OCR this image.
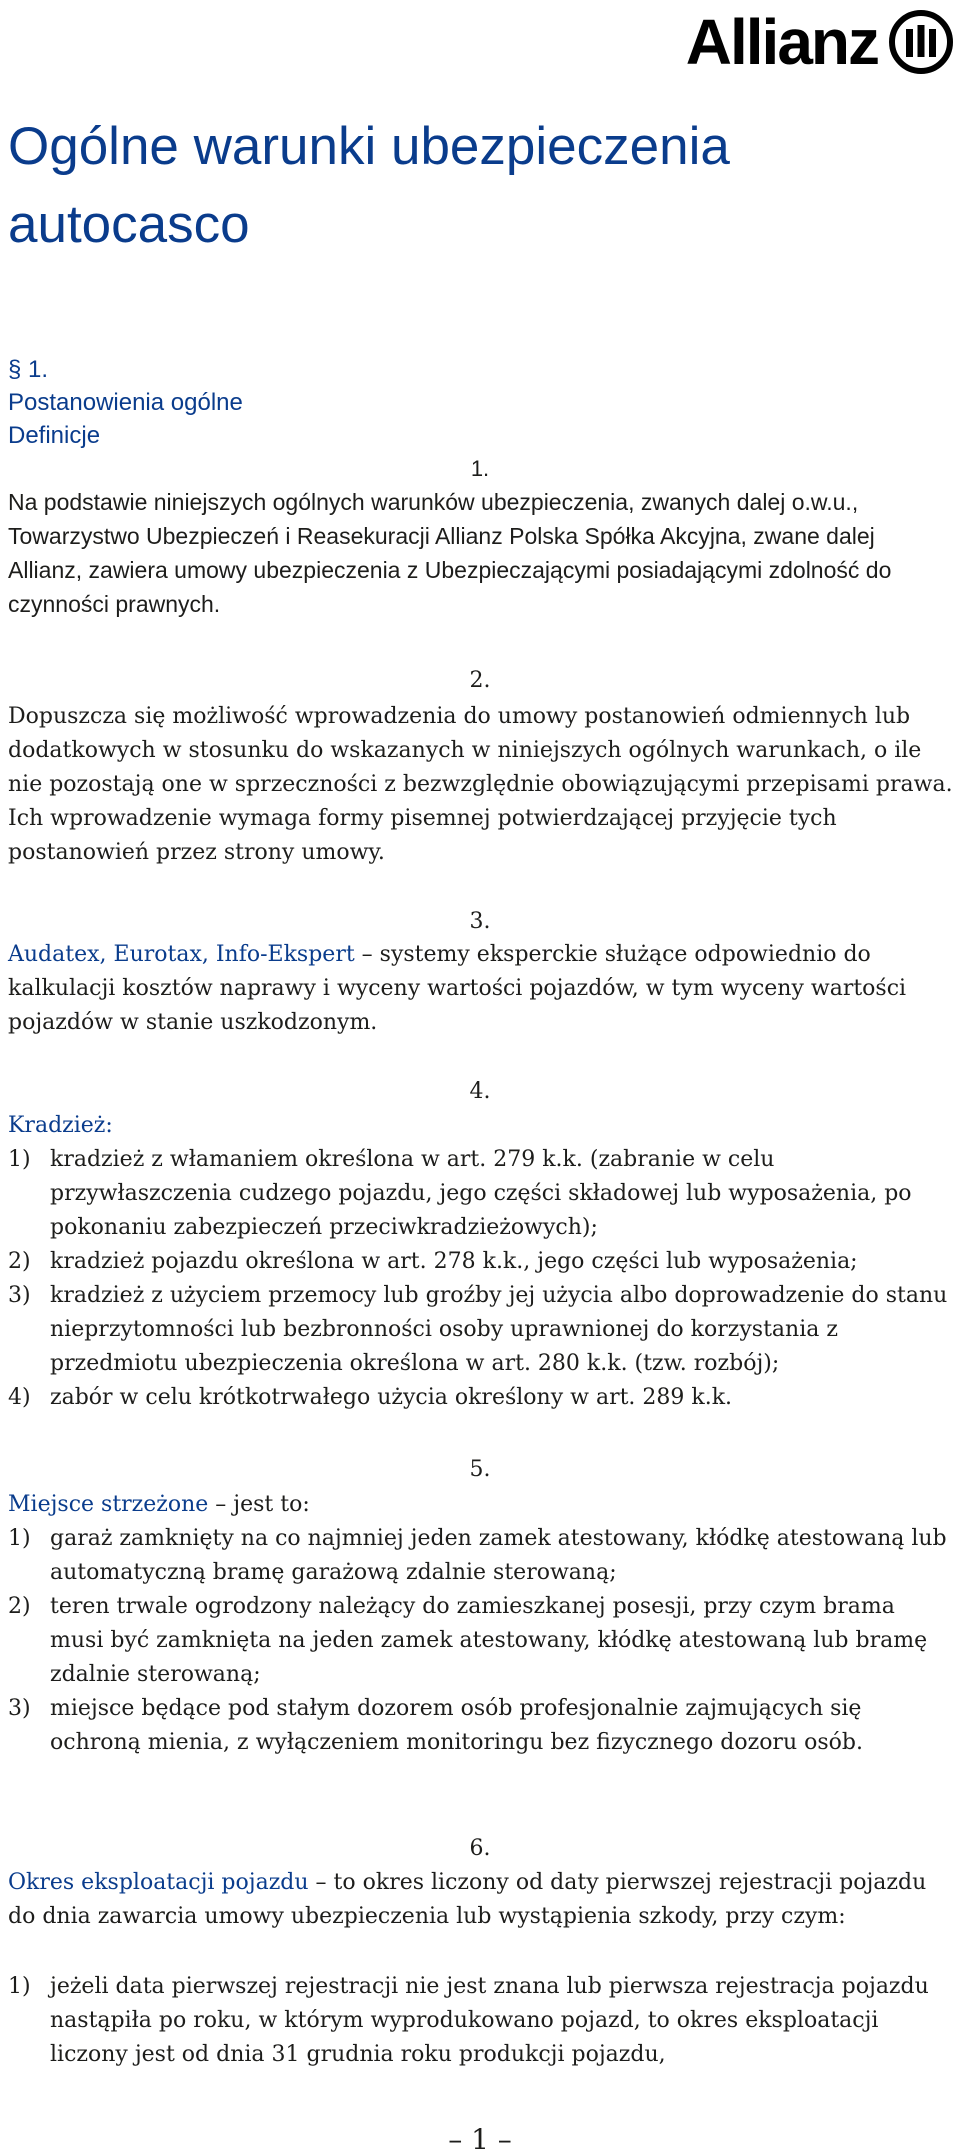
Allianz
Ogólne warunki ubezpieczenia autocasco
§ 1.
Postanowienia ogólne
Definicje
1.

Na podstawie niniejszych ogólnych warunków ubezpieczenia, zwanych dalej o.w.u., Towarzystwo Ubezpieczeń i Reasekuracji Allianz Polska Spółka Akcyjna, zwane dalej Allianz, zawiera umowy ubezpieczenia z Ubezpieczającymi posiadającymi zdolność do czynności prawnych.

2.

Dopuszcza się możliwość wprowadzenia do umowy postanowień odmiennych lub dodatkowych w stosunku do wskazanych w niniejszych ogólnych warunkach, o ile nie pozostają one w sprzeczności z bezwzględnie obowiązującymi przepisami prawa. Ich wprowadzenie wymaga formy pisemnej potwierdzającej przyjęcie tych postanowień przez strony umowy.

3.

Audatex, Eurotax, Info-Ekspert – systemy eksperckie służące odpowiednio do kalkulacji kosztów naprawy i wyceny wartości pojazdów, w tym wyceny wartości pojazdów w stanie uszkodzonym.

4.

Kradzież:

1) kradzież z włamaniem określona w art. 279 k.k. (zabranie w celu przywłaszczenia cudzego pojazdu, jego części składowej lub wyposażenia, po pokonaniu zabezpieczeń przeciwkradzieżowych);
2) kradzież pojazdu określona w art. 278 k.k., jego części lub wyposażenia;
3) kradzież z użyciem przemocy lub groźby jej użycia albo doprowadzenie do stanu nieprzytomności lub bezbronności osoby uprawnionej do korzystania z przedmiotu ubezpieczenia określona w art. 280 k.k. (tzw. rozbój);
4) zabór w celu krótkotrwałego użycia określony w art. 289 k.k.
5.

Miejsce strzeżone – jest to:

1) garaż zamknięty na co najmniej jeden zamek atestowany, kłódkę atestowaną lub automatyczną bramę garażową zdalnie sterowaną;
2) teren trwale ogrodzony należący do zamieszkanej posesji, przy czym brama musi być zamknięta na jeden zamek atestowany, kłódkę atestowaną lub bramę zdalnie sterowaną;
3) miejsce będące pod stałym dozorem osób profesjonalnie zajmujących się ochroną mienia, z wyłączeniem monitoringu bez fizycznego dozoru osób.
6.

Okres eksploatacji pojazdu – to okres liczony od daty pierwszej rejestracji pojazdu do dnia zawarcia umowy ubezpieczenia lub wystąpienia szkody, przy czym:

1) jeżeli data pierwszej rejestracji nie jest znana lub pierwsza rejestracja pojazdu nastąpiła po roku, w którym wyprodukowano pojazd, to okres eksploatacji liczony jest od dnia 31 grudnia roku produkcji pojazdu,
– 1 –
